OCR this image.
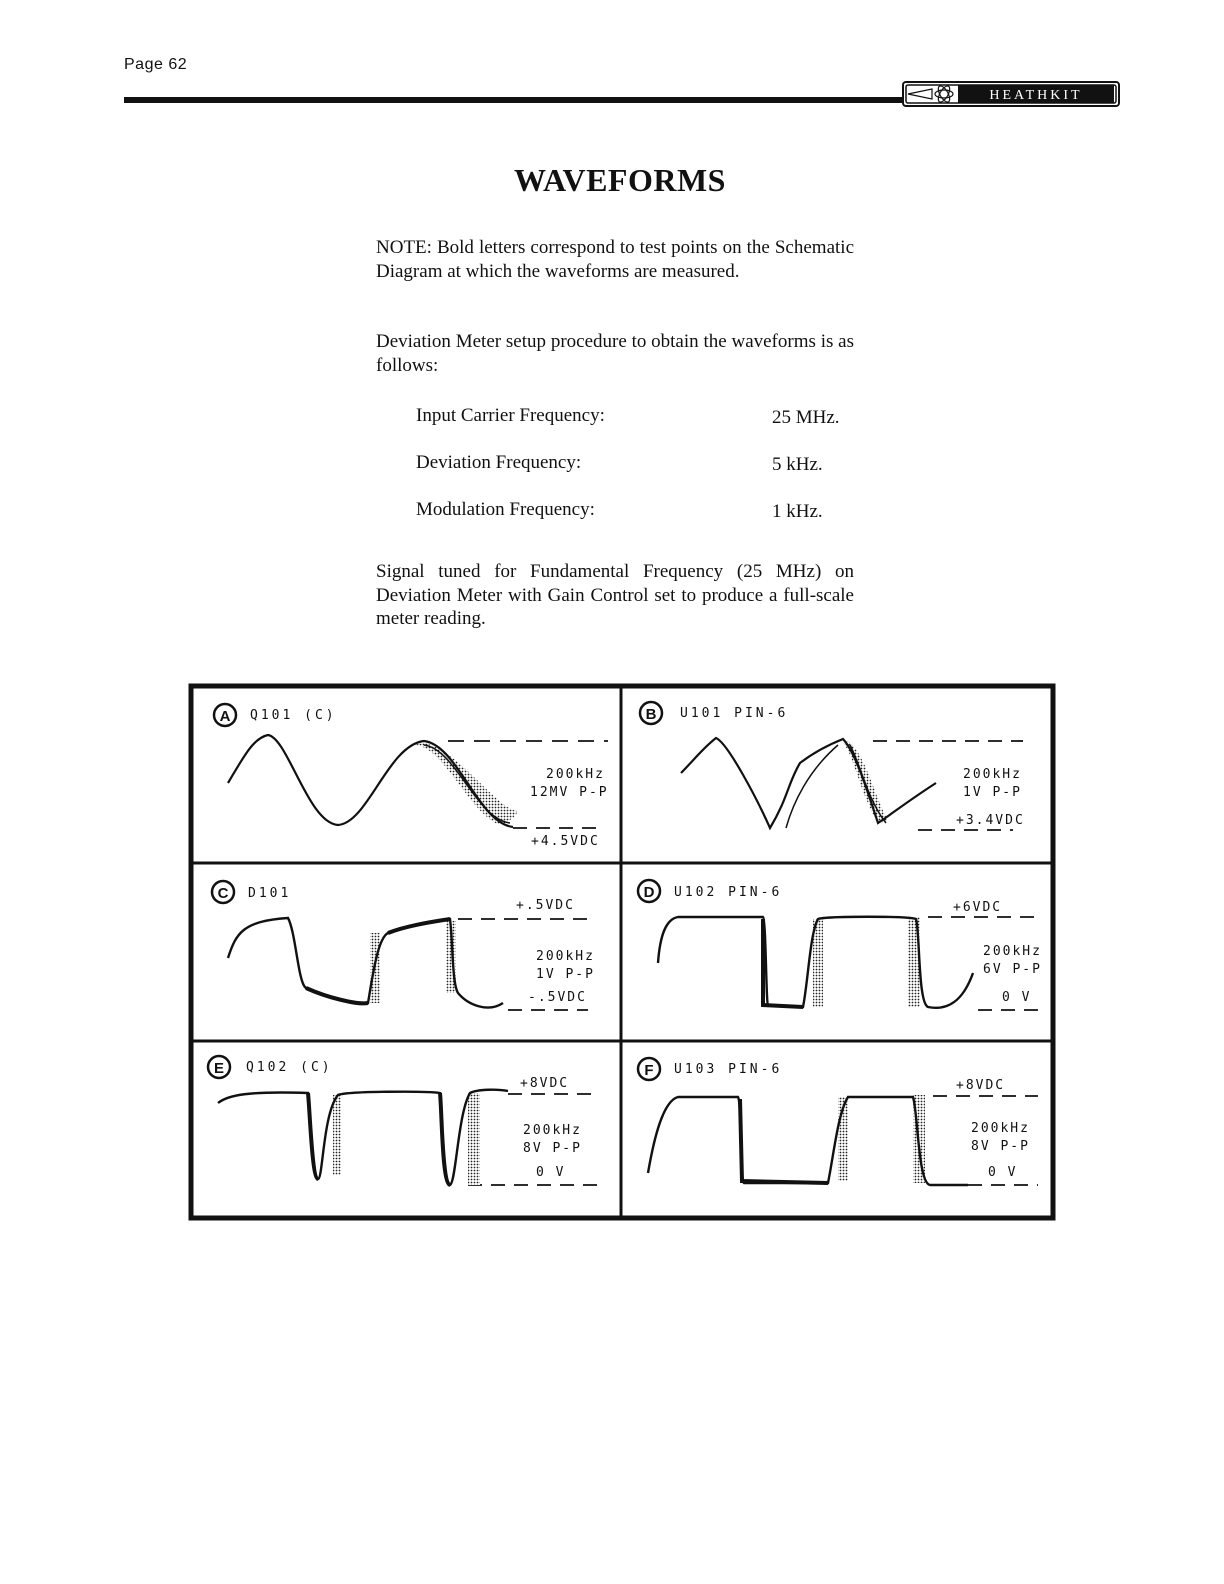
Page 62
HEATHKIT
WAVEFORMS
NOTE: Bold letters correspond to test points on the Schematic Diagram at which the waveforms are measured.
Deviation Meter setup procedure to obtain the waveforms is as follows:
Input Carrier Frequency:	25 MHz.
Deviation Frequency:	5 kHz.
Modulation Frequency:	1 kHz.
Signal tuned for Fundamental Frequency (25 MHz) on Deviation Meter with Gain Control set to produce a full-scale meter reading.
A Q101 (C)
200kHz
12MV P-P
+4.5VDC
B U101 PIN-6
200kHz
1V P-P
+3.4VDC
C D101
+.5VDC
200kHz
1V P-P
-.5VDC
D U102 PIN-6
+6VDC
200kHz
6V P-P
0 V
E Q102 (C)
+8VDC
200kHz
8V P-P
0 V
F U103 PIN-6
+8VDC
200kHz
8V P-P
0 V
